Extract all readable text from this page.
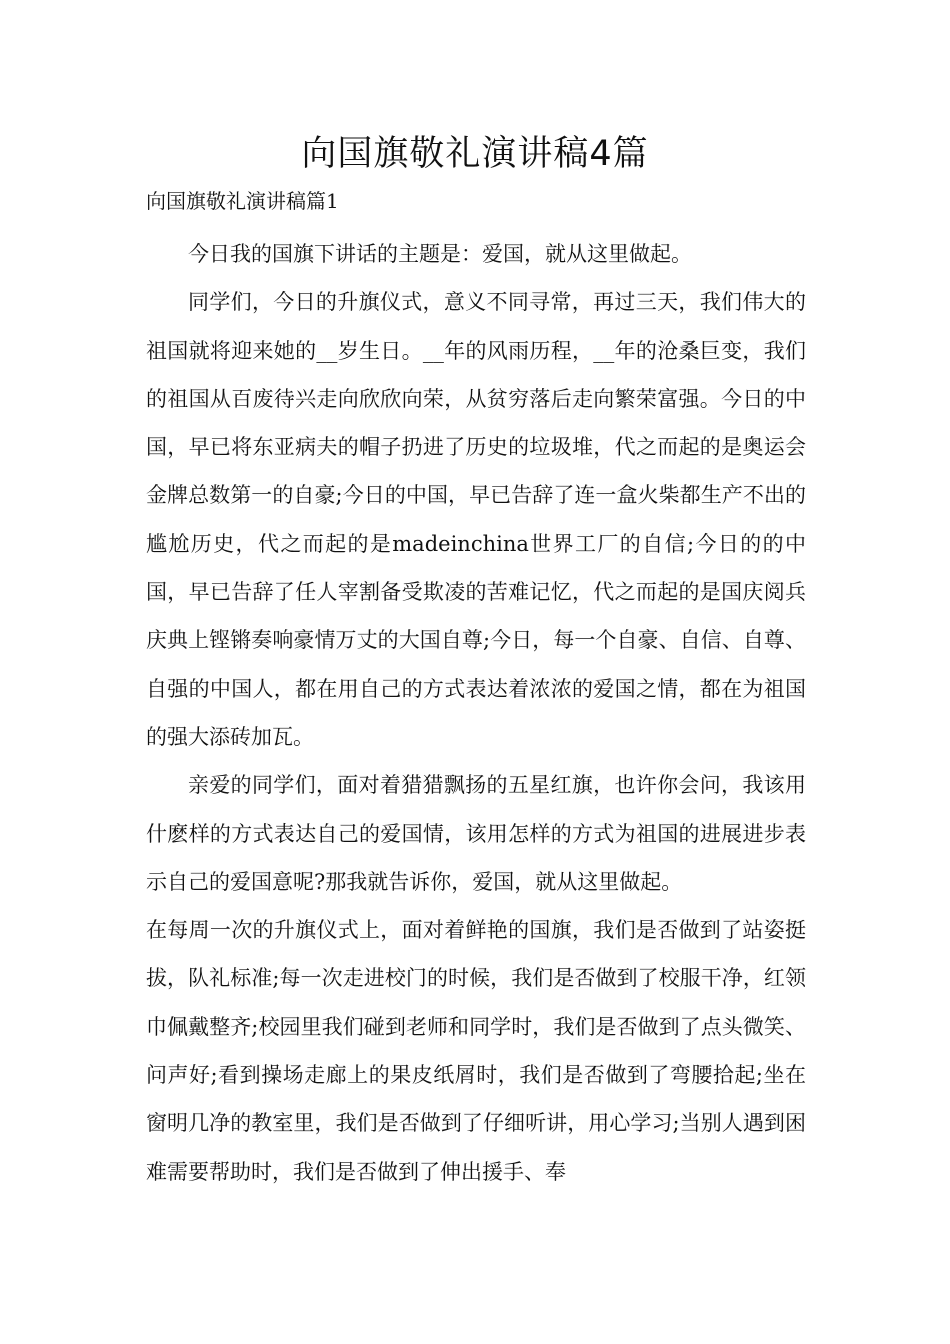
向国旗敬礼演讲稿4篇

向国旗敬礼演讲稿篇1

今日我的国旗下讲话的主题是：爱国，就从这里做起。

同学们，今日的升旗仪式，意义不同寻常，再过三天，我们伟大的祖国就将迎来她的__岁生日。__年的风雨历程，__年的沧桑巨变，我们的祖国从百废待兴走向欣欣向荣，从贫穷落后走向繁荣富强。今日的中国，早已将东亚病夫的帽子扔进了历史的垃圾堆，代之而起的是奥运会金牌总数第一的自豪;今日的中国，早已告辞了连一盒火柴都生产不出的尴尬历史，代之而起的是madeinchina世界工厂的自信;今日的的中国，早已告辞了任人宰割备受欺凌的苦难记忆，代之而起的是国庆阅兵庆典上铿锵奏响豪情万丈的大国自尊;今日，每一个自豪、自信、自尊、自强的中国人，都在用自己的方式表达着浓浓的爱国之情，都在为祖国的强大添砖加瓦。

亲爱的同学们，面对着猎猎飘扬的五星红旗，也许你会问，我该用什麽样的方式表达自己的爱国情，该用怎样的方式为祖国的进展进步表示自己的爱国意呢?那我就告诉你，爱国，就从这里做起。

在每周一次的升旗仪式上，面对着鲜艳的国旗，我们是否做到了站姿挺拔，队礼标准;每一次走进校门的时候，我们是否做到了校服干净，红领巾佩戴整齐;校园里我们碰到老师和同学时，我们是否做到了点头微笑、问声好;看到操场走廊上的果皮纸屑时，我们是否做到了弯腰拾起;坐在窗明几净的教室里，我们是否做到了仔细听讲，用心学习;当别人遇到困难需要帮助时，我们是否做到了伸出援手、奉
